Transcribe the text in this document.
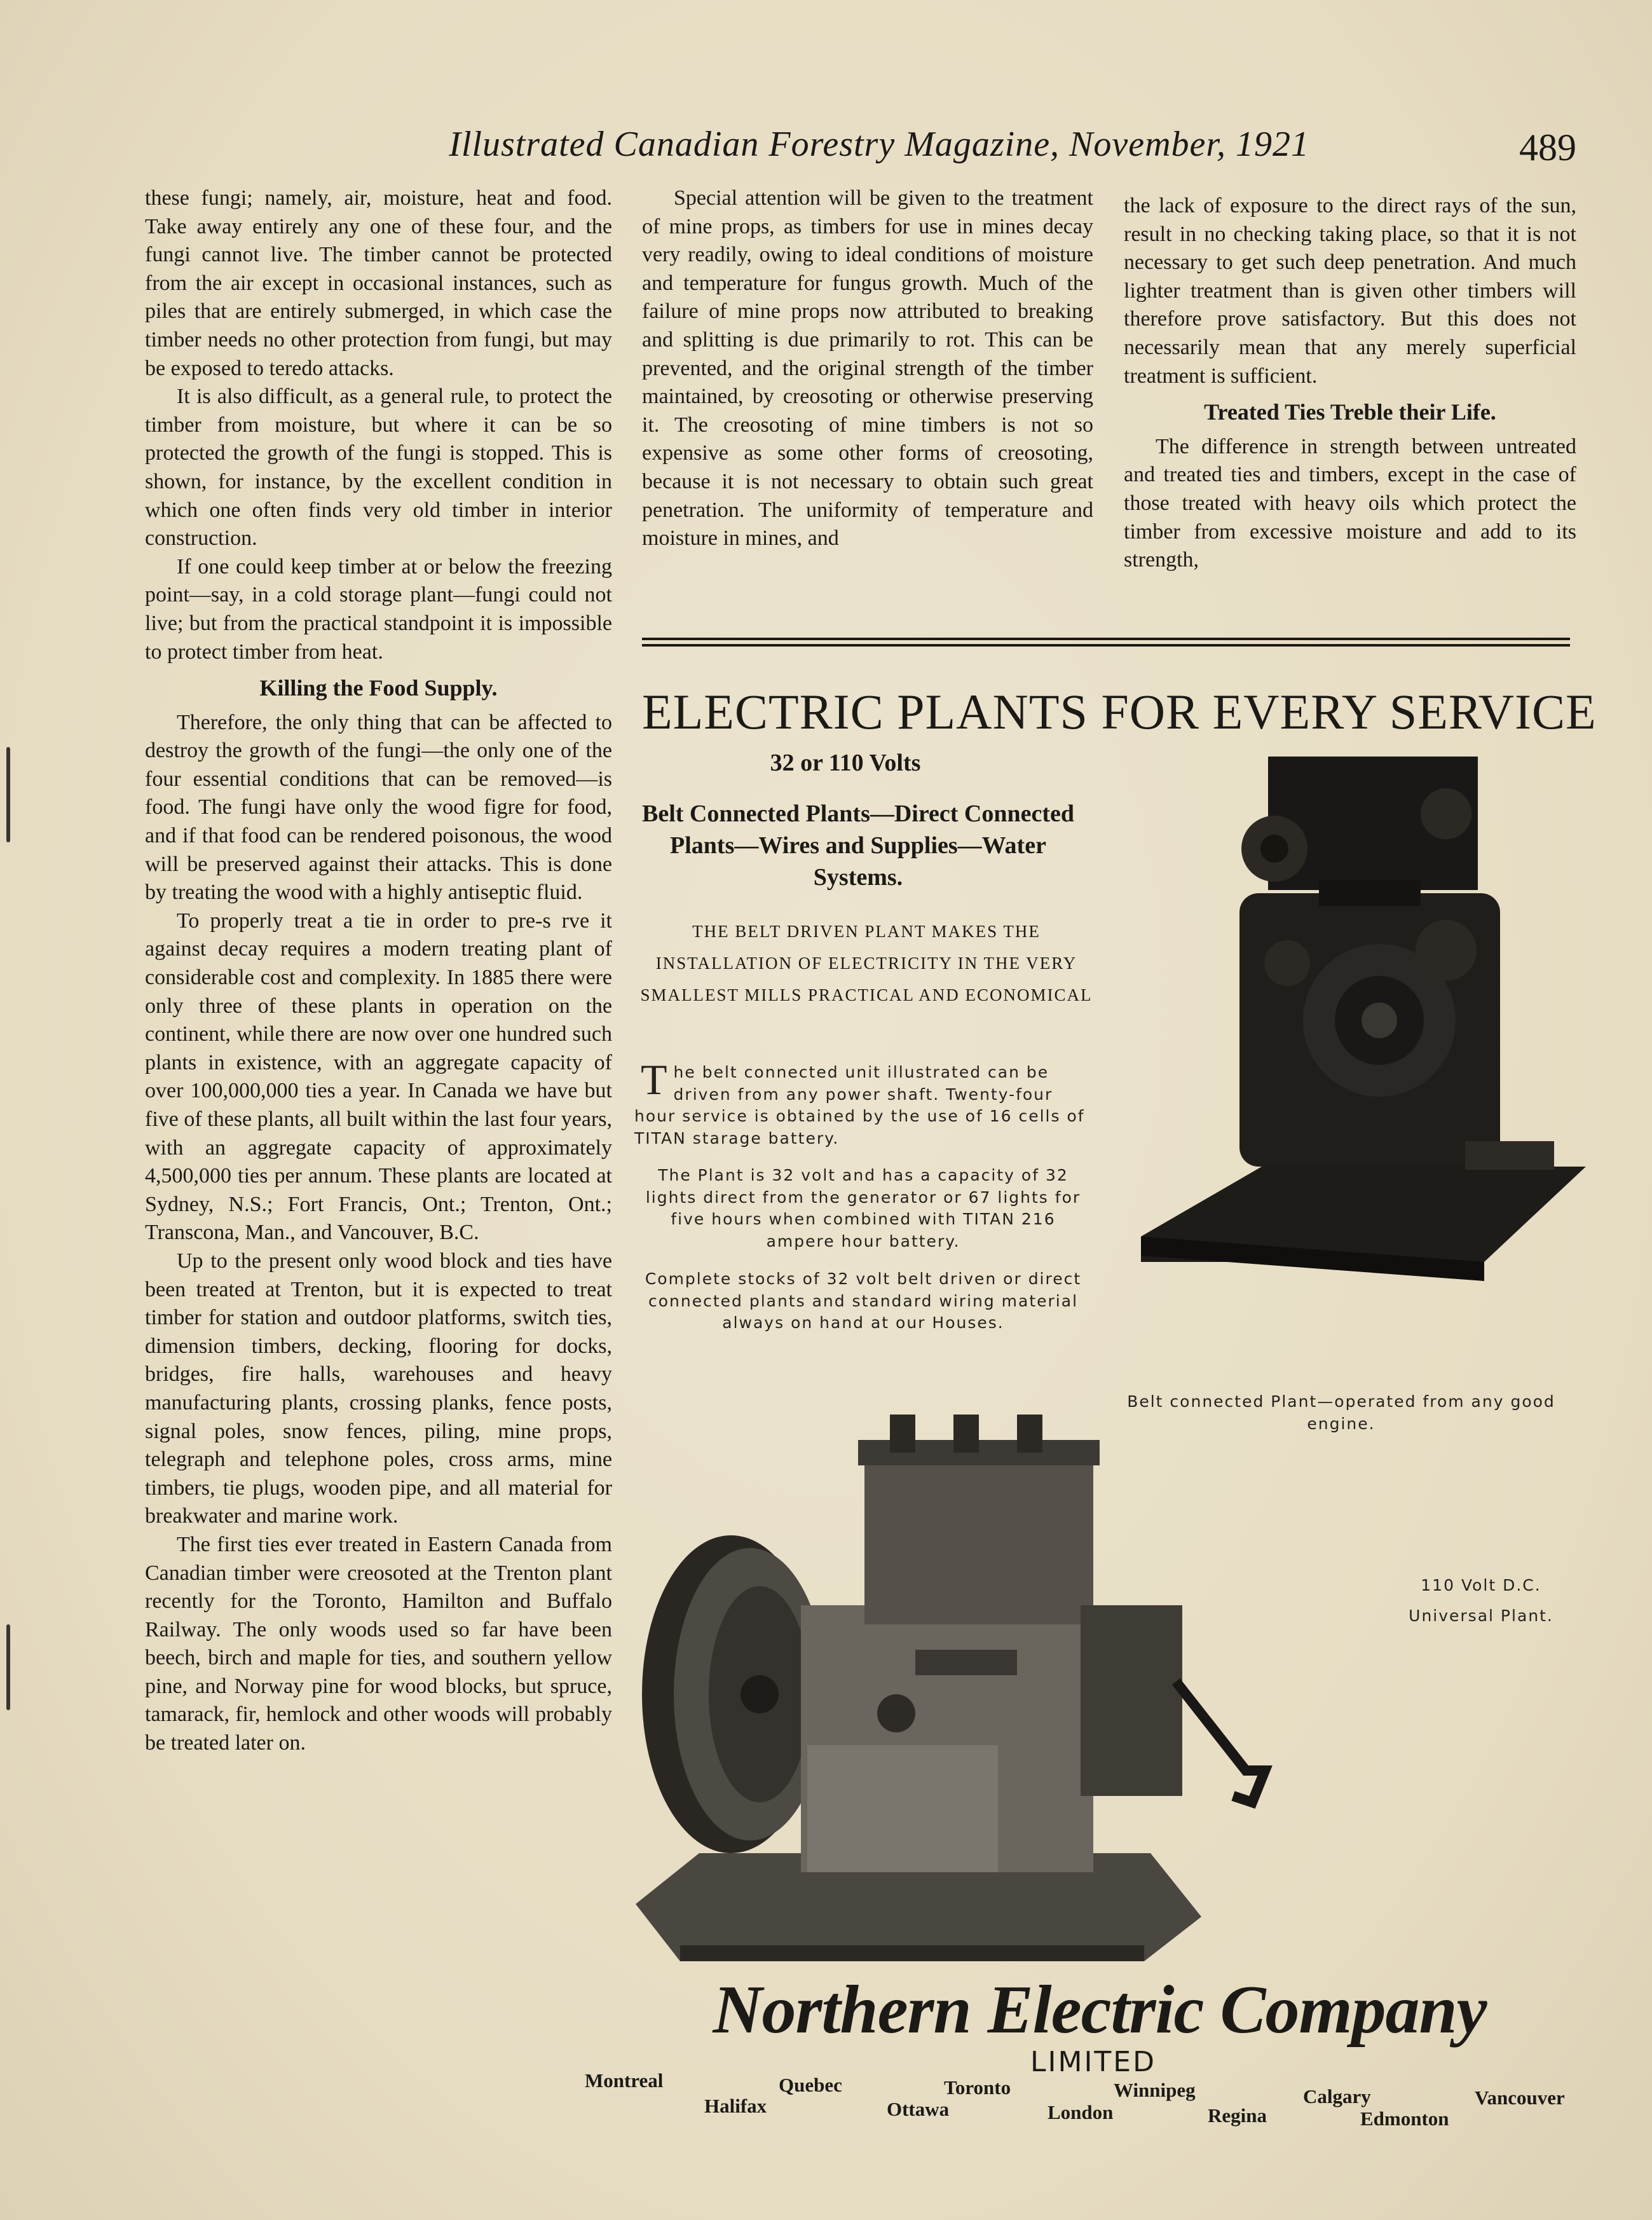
Illustrated Canadian Forestry Magazine, November, 1921	489

these fungi; namely, air, moisture, heat and food. Take away entirely any one of these four, and the fungi cannot live. The timber cannot be protected from the air except in occasional instances, such as piles that are entirely submerged, in which case the timber needs no other protection from fungi, but may be exposed to teredo attacks.

It is also difficult, as a general rule, to protect the timber from moisture, but where it can be so protected the growth of the fungi is stopped. This is shown, for instance, by the excellent condition in which one often finds very old timber in interior construction.

If one could keep timber at or below the freezing point—say, in a cold storage plant—fungi could not live; but from the practical standpoint it is impossible to protect timber from heat.

Killing the Food Supply.

Therefore, the only thing that can be affected to destroy the growth of the fungi—the only one of the four essential conditions that can be removed—is food. The fungi have only the wood figre for food, and if that food can be rendered poisonous, the wood will be preserved against their attacks. This is done by treating the wood with a highly antiseptic fluid.

To properly treat a tie in order to pre-s rve it against decay requires a modern treating plant of considerable cost and complexity. In 1885 there were only three of these plants in operation on the continent, while there are now over one hundred such plants in existence, with an aggregate capacity of over 100,000,000 ties a year. In Canada we have but five of these plants, all built within the last four years, with an aggregate capacity of approximately 4,500,000 ties per annum. These plants are located at Sydney, N.S.; Fort Francis, Ont.; Trenton, Ont.; Transcona, Man., and Vancouver, B.C.

Up to the present only wood block and ties have been treated at Trenton, but it is expected to treat timber for station and outdoor platforms, switch ties, dimension timbers, decking, flooring for docks, bridges, fire halls, warehouses and heavy manufacturing plants, crossing planks, fence posts, signal poles, snow fences, piling, mine props, telegraph and telephone poles, cross arms, mine timbers, tie plugs, wooden pipe, and all material for breakwater and marine work.

The first ties ever treated in Eastern Canada from Canadian timber were creosoted at the Trenton plant recently for the Toronto, Hamilton and Buffalo Railway. The only woods used so far have been beech, birch and maple for ties, and southern yellow pine, and Norway pine for wood blocks, but spruce, tamarack, fir, hemlock and other woods will probably be treated later on.

Special attention will be given to the treatment of mine props, as timbers for use in mines decay very readily, owing to ideal conditions of moisture and temperature for fungus growth. Much of the failure of mine props now attributed to breaking and splitting is due primarily to rot. This can be prevented, and the original strength of the timber maintained, by creosoting or otherwise preserving it. The creosoting of mine timbers is not so expensive as some other forms of creosoting, because it is not necessary to obtain such great penetration. The uniformity of temperature and moisture in mines, and

the lack of exposure to the direct rays of the sun, result in no checking taking place, so that it is not necessary to get such deep penetration. And much lighter treatment than is given other timbers will therefore prove satisfactory. But this does not necessarily mean that any merely superficial treatment is sufficient.

Treated Ties Treble their Life.

The difference in strength between untreated and treated ties and timbers, except in the case of those treated with heavy oils which protect the timber from excessive moisture and add to its strength,

ELECTRIC PLANTS FOR EVERY SERVICE
32 or 110 Volts
Belt Connected Plants—Direct Connected Plants—Wires and Supplies—Water Systems.
THE BELT DRIVEN PLANT MAKES THE INSTALLATION OF ELECTRICITY IN THE VERY SMALLEST MILLS PRACTICAL AND ECONOMICAL
The belt connected unit illustrated can be driven from any power shaft. Twenty-four hour service is obtained by the use of 16 cells of TITAN starage battery.
The Plant is 32 volt and has a capacity of 32 lights direct from the generator or 67 lights for five hours when combined with TITAN 216 ampere hour battery.
Complete stocks of 32 volt belt driven or direct connected plants and standard wiring material always on hand at our Houses.
Belt connected Plant—operated from any good engine.
110 Volt D.C. Universal Plant.
Northern Electric Company
LIMITED
Montreal
Halifax
Quebec
Ottawa
Toronto
London
Winnipeg
Regina
Calgary
Edmonton
Vancouver
